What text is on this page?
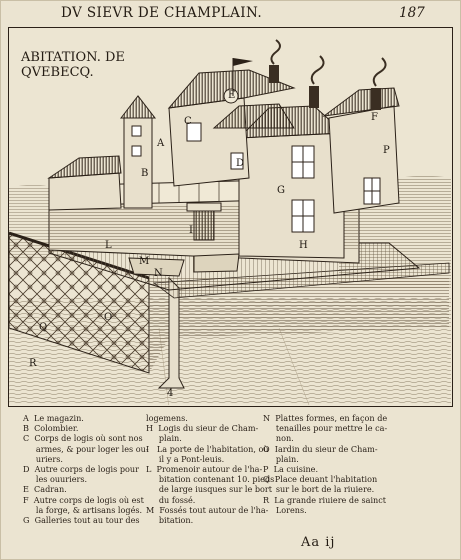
DV SIEVR DE CHAMPLAIN.	187
A
B
C
D
E
F
G
H
I
L
M
N
O
P
Q
R
4
ABITATION. DE
QVEBECQ.
A  Le magazin.
B  Colombier.
C  Corps de logis où sont nos
armes, & pour loger les ou-
uriers.
D  Autre corps de logis pour
les ouuriers.
E  Cadran.
F  Autre corps de logis où est
la forge, & artisans logés.
G  Galleries tout au tour des
logemens.
H  Logis du sieur de Cham-
plain.
I   La porte de l'habitation, où
il y a Pont-leuis.
L  Promenoir autour de l'ha-
bitation contenant 10. pieds
de large iusques sur le bort
du fossé.
M  Fossés tout autour de l'ha-
bitation.
N  Plattes formes, en façon de
tenailles pour mettre le ca-
non.
O  Iardin du sieur de Cham-
plain.
P  La cuisine.
Q  Place deuant l'habitation
sur le bort de la riuiere.
R  La grande riuiere de sainct
Lorens.
Aa ij
